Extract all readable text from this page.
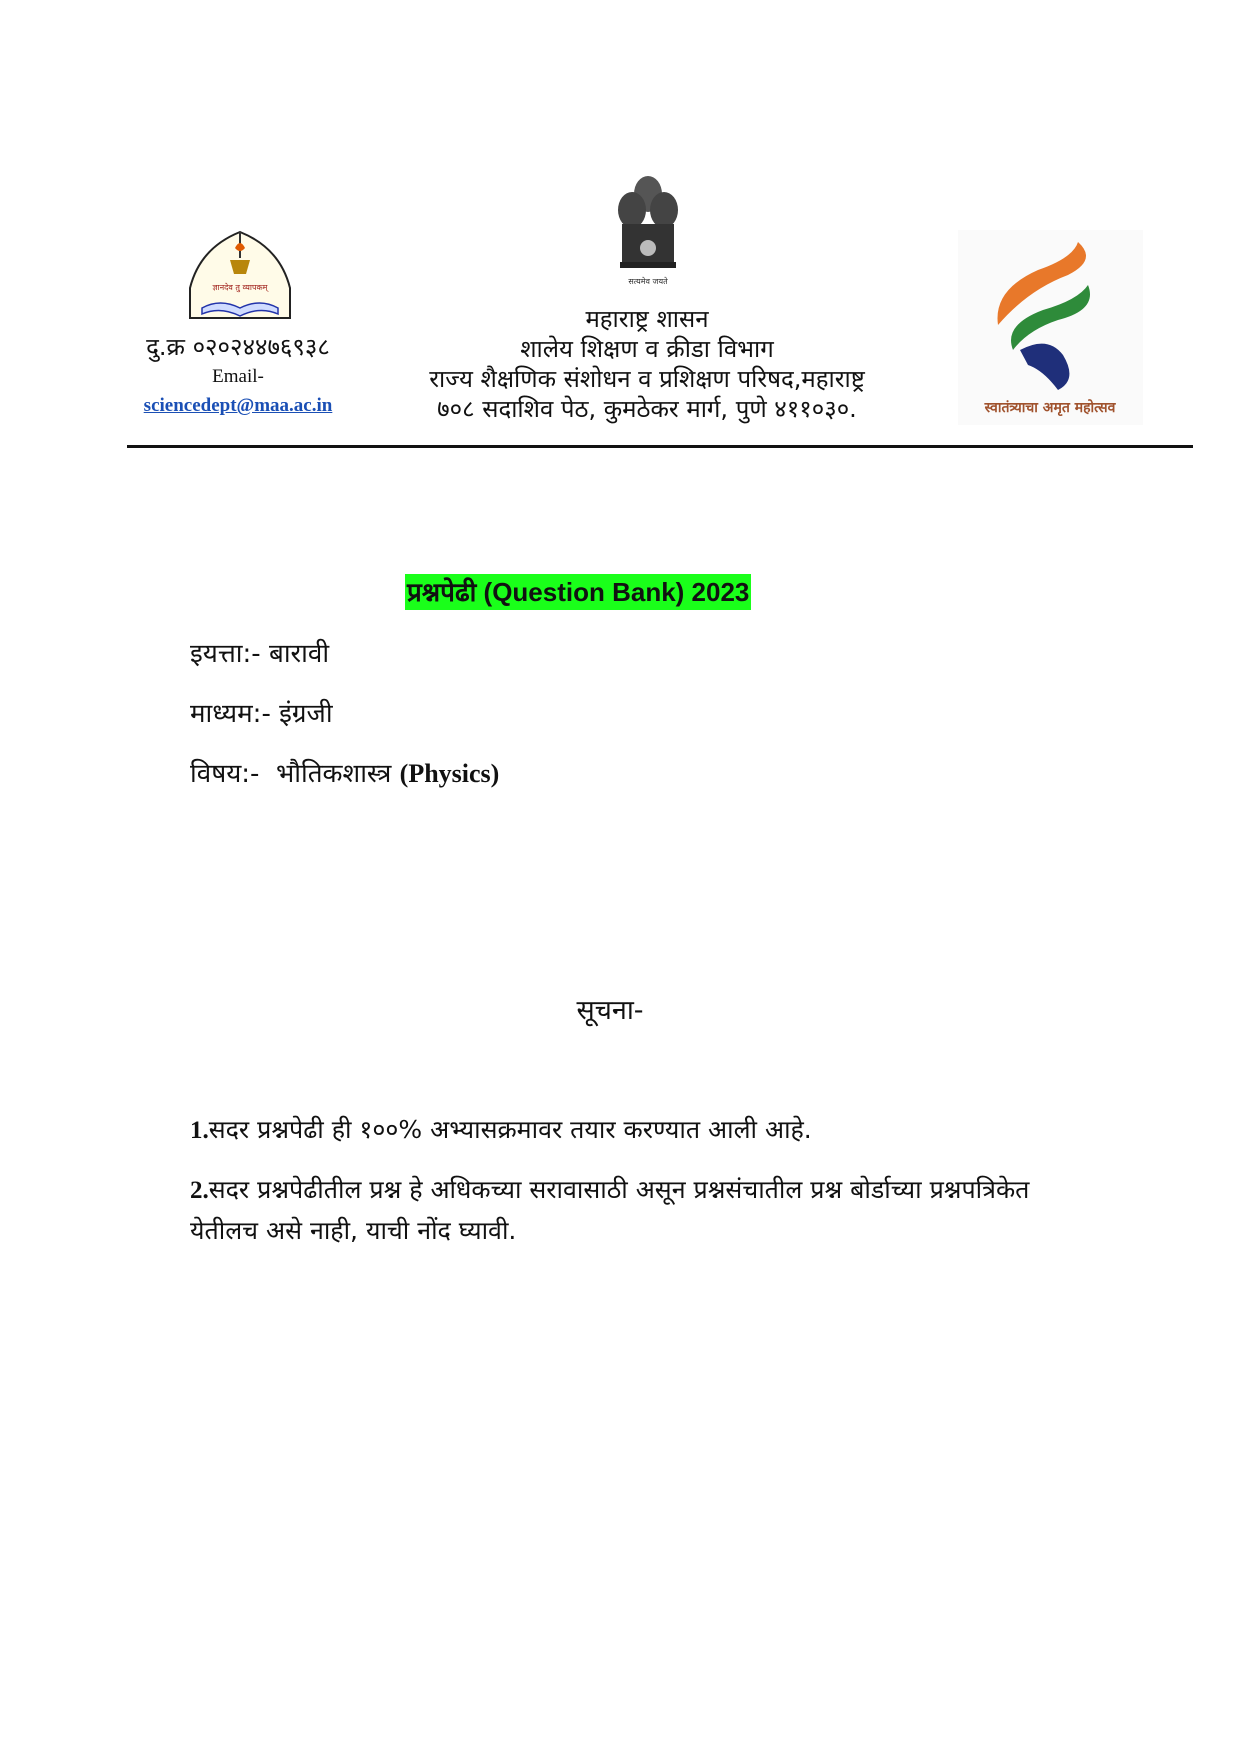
ज्ञानदेव तु व्यापकम्
दु.क्र ०२०२४४७६९३८
Email-
sciencedept@maa.ac.in
सत्यमेव जयते
महाराष्ट्र शासन
शालेय शिक्षण व क्रीडा विभाग
राज्य शैक्षणिक संशोधन व प्रशिक्षण परिषद,महाराष्ट्र
७०८ सदाशिव पेठ, कुमठेकर मार्ग, पुणे ४११०३०.	स्वातंत्र्याचा अमृत महोत्सव
प्रश्नपेढी (Question Bank) 2023
इयत्ता:- बारावी
माध्यम:- इंग्रजी
विषय:- भौतिकशास्त्र (Physics)
सूचना-
1.सदर प्रश्नपेढी ही १००% अभ्यासक्रमावर तयार करण्यात आली आहे.
2.सदर प्रश्नपेढीतील प्रश्न हे अधिकच्या सरावासाठी असून प्रश्नसंचातील प्रश्न बोर्डाच्या प्रश्नपत्रिकेत येतीलच असे नाही, याची नोंद घ्यावी.
